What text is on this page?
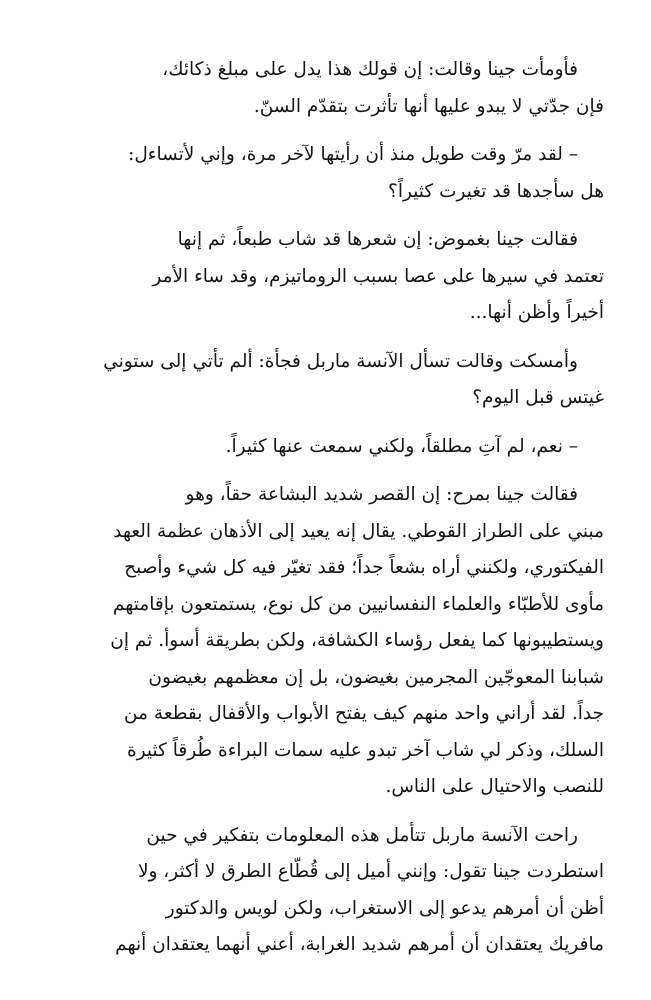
فأومأت جينا وقالت: إن قولك هذا يدل على مبلغ ذكائك،
فإن جدّتي لا يبدو عليها أنها تأثرت بتقدّم السنّ.

– لقد مرّ وقت طويل منذ أن رأيتها لآخر مرة، وإني لأتساءل:
هل سأجدها قد تغيرت كثيراً؟

فقالت جينا بغموض: إن شعرها قد شاب طبعاً، ثم إنها
تعتمد في سيرها على عصا بسبب الروماتيزم، وقد ساء الأمر
أخيراً وأظن أنها...

وأمسكت وقالت تسأل الآنسة ماربل فجأة: ألم تأتي إلى ستوني
غيتس قبل اليوم؟

– نعم، لم آتِ مطلقاً، ولكني سمعت عنها كثيراً.

فقالت جينا بمرح: إن القصر شديد البشاعة حقاً، وهو
مبني على الطراز القوطي. يقال إنه يعيد إلى الأذهان عظمة العهد
الفيكتوري، ولكنني أراه بشعاً جداً؛ فقد تغيّر فيه كل شيء وأصبح
مأوى للأطبّاء والعلماء النفسانيين من كل نوع، يستمتعون بإقامتهم
ويستطيبونها كما يفعل رؤساء الكشافة، ولكن بطريقة أسوأ. ثم إن
شبابنا المعوجّين المجرمين بغيضون، بل إن معظمهم بغيضون
جداً. لقد أراني واحد منهم كيف يفتح الأبواب والأقفال بقطعة من
السلك، وذكر لي شاب آخر تبدو عليه سمات البراءة طُرقاً كثيرة
للنصب والاحتيال على الناس.

راحت الآنسة ماربل تتأمل هذه المعلومات بتفكير في حين
استطردت جينا تقول: وإنني أميل إلى قُطّاع الطرق لا أكثر، ولا
أظن أن أمرهم يدعو إلى الاستغراب، ولكن لويس والدكتور
مافريك يعتقدان أن أمرهم شديد الغرابة، أعني أنهما يعتقدان أنهم
